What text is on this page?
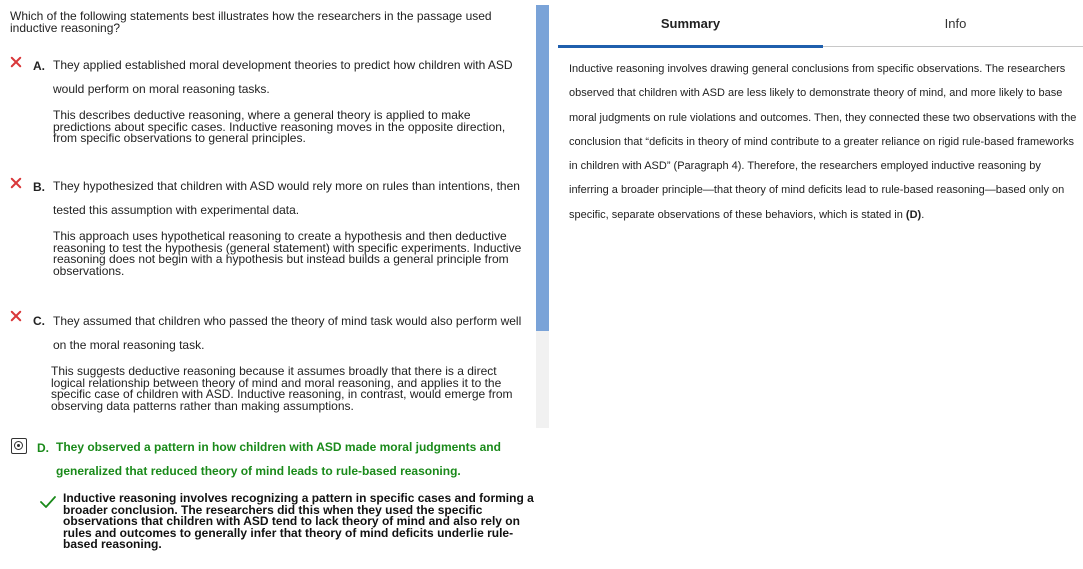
Which of the following statements best illustrates how the researchers in the passage used inductive reasoning?
A. They applied established moral development theories to predict how children with ASD would perform on moral reasoning tasks.
This describes deductive reasoning, where a general theory is applied to make predictions about specific cases. Inductive reasoning moves in the opposite direction, from specific observations to general principles.
B. They hypothesized that children with ASD would rely more on rules than intentions, then tested this assumption with experimental data.
This approach uses hypothetical reasoning to create a hypothesis and then deductive reasoning to test the hypothesis (general statement) with specific experiments. Inductive reasoning does not begin with a hypothesis but instead builds a general principle from observations.
C. They assumed that children who passed the theory of mind task would also perform well on the moral reasoning task.
This suggests deductive reasoning because it assumes broadly that there is a direct logical relationship between theory of mind and moral reasoning, and applies it to the specific case of children with ASD. Inductive reasoning, in contrast, would emerge from observing data patterns rather than making assumptions.
D. They observed a pattern in how children with ASD made moral judgments and generalized that reduced theory of mind leads to rule-based reasoning.
Inductive reasoning involves recognizing a pattern in specific cases and forming a broader conclusion. The researchers did this when they used the specific observations that children with ASD tend to lack theory of mind and also rely on rules and outcomes to generally infer that theory of mind deficits underlie rule-based reasoning.
Summary	Info
Inductive reasoning involves drawing general conclusions from specific observations. The researchers observed that children with ASD are less likely to demonstrate theory of mind, and more likely to base moral judgments on rule violations and outcomes. Then, they connected these two observations with the conclusion that “deficits in theory of mind contribute to a greater reliance on rigid rule-based frameworks in children with ASD” (Paragraph 4). Therefore, the researchers employed inductive reasoning by inferring a broader principle—that theory of mind deficits lead to rule-based reasoning—based only on specific, separate observations of these behaviors, which is stated in (D).
